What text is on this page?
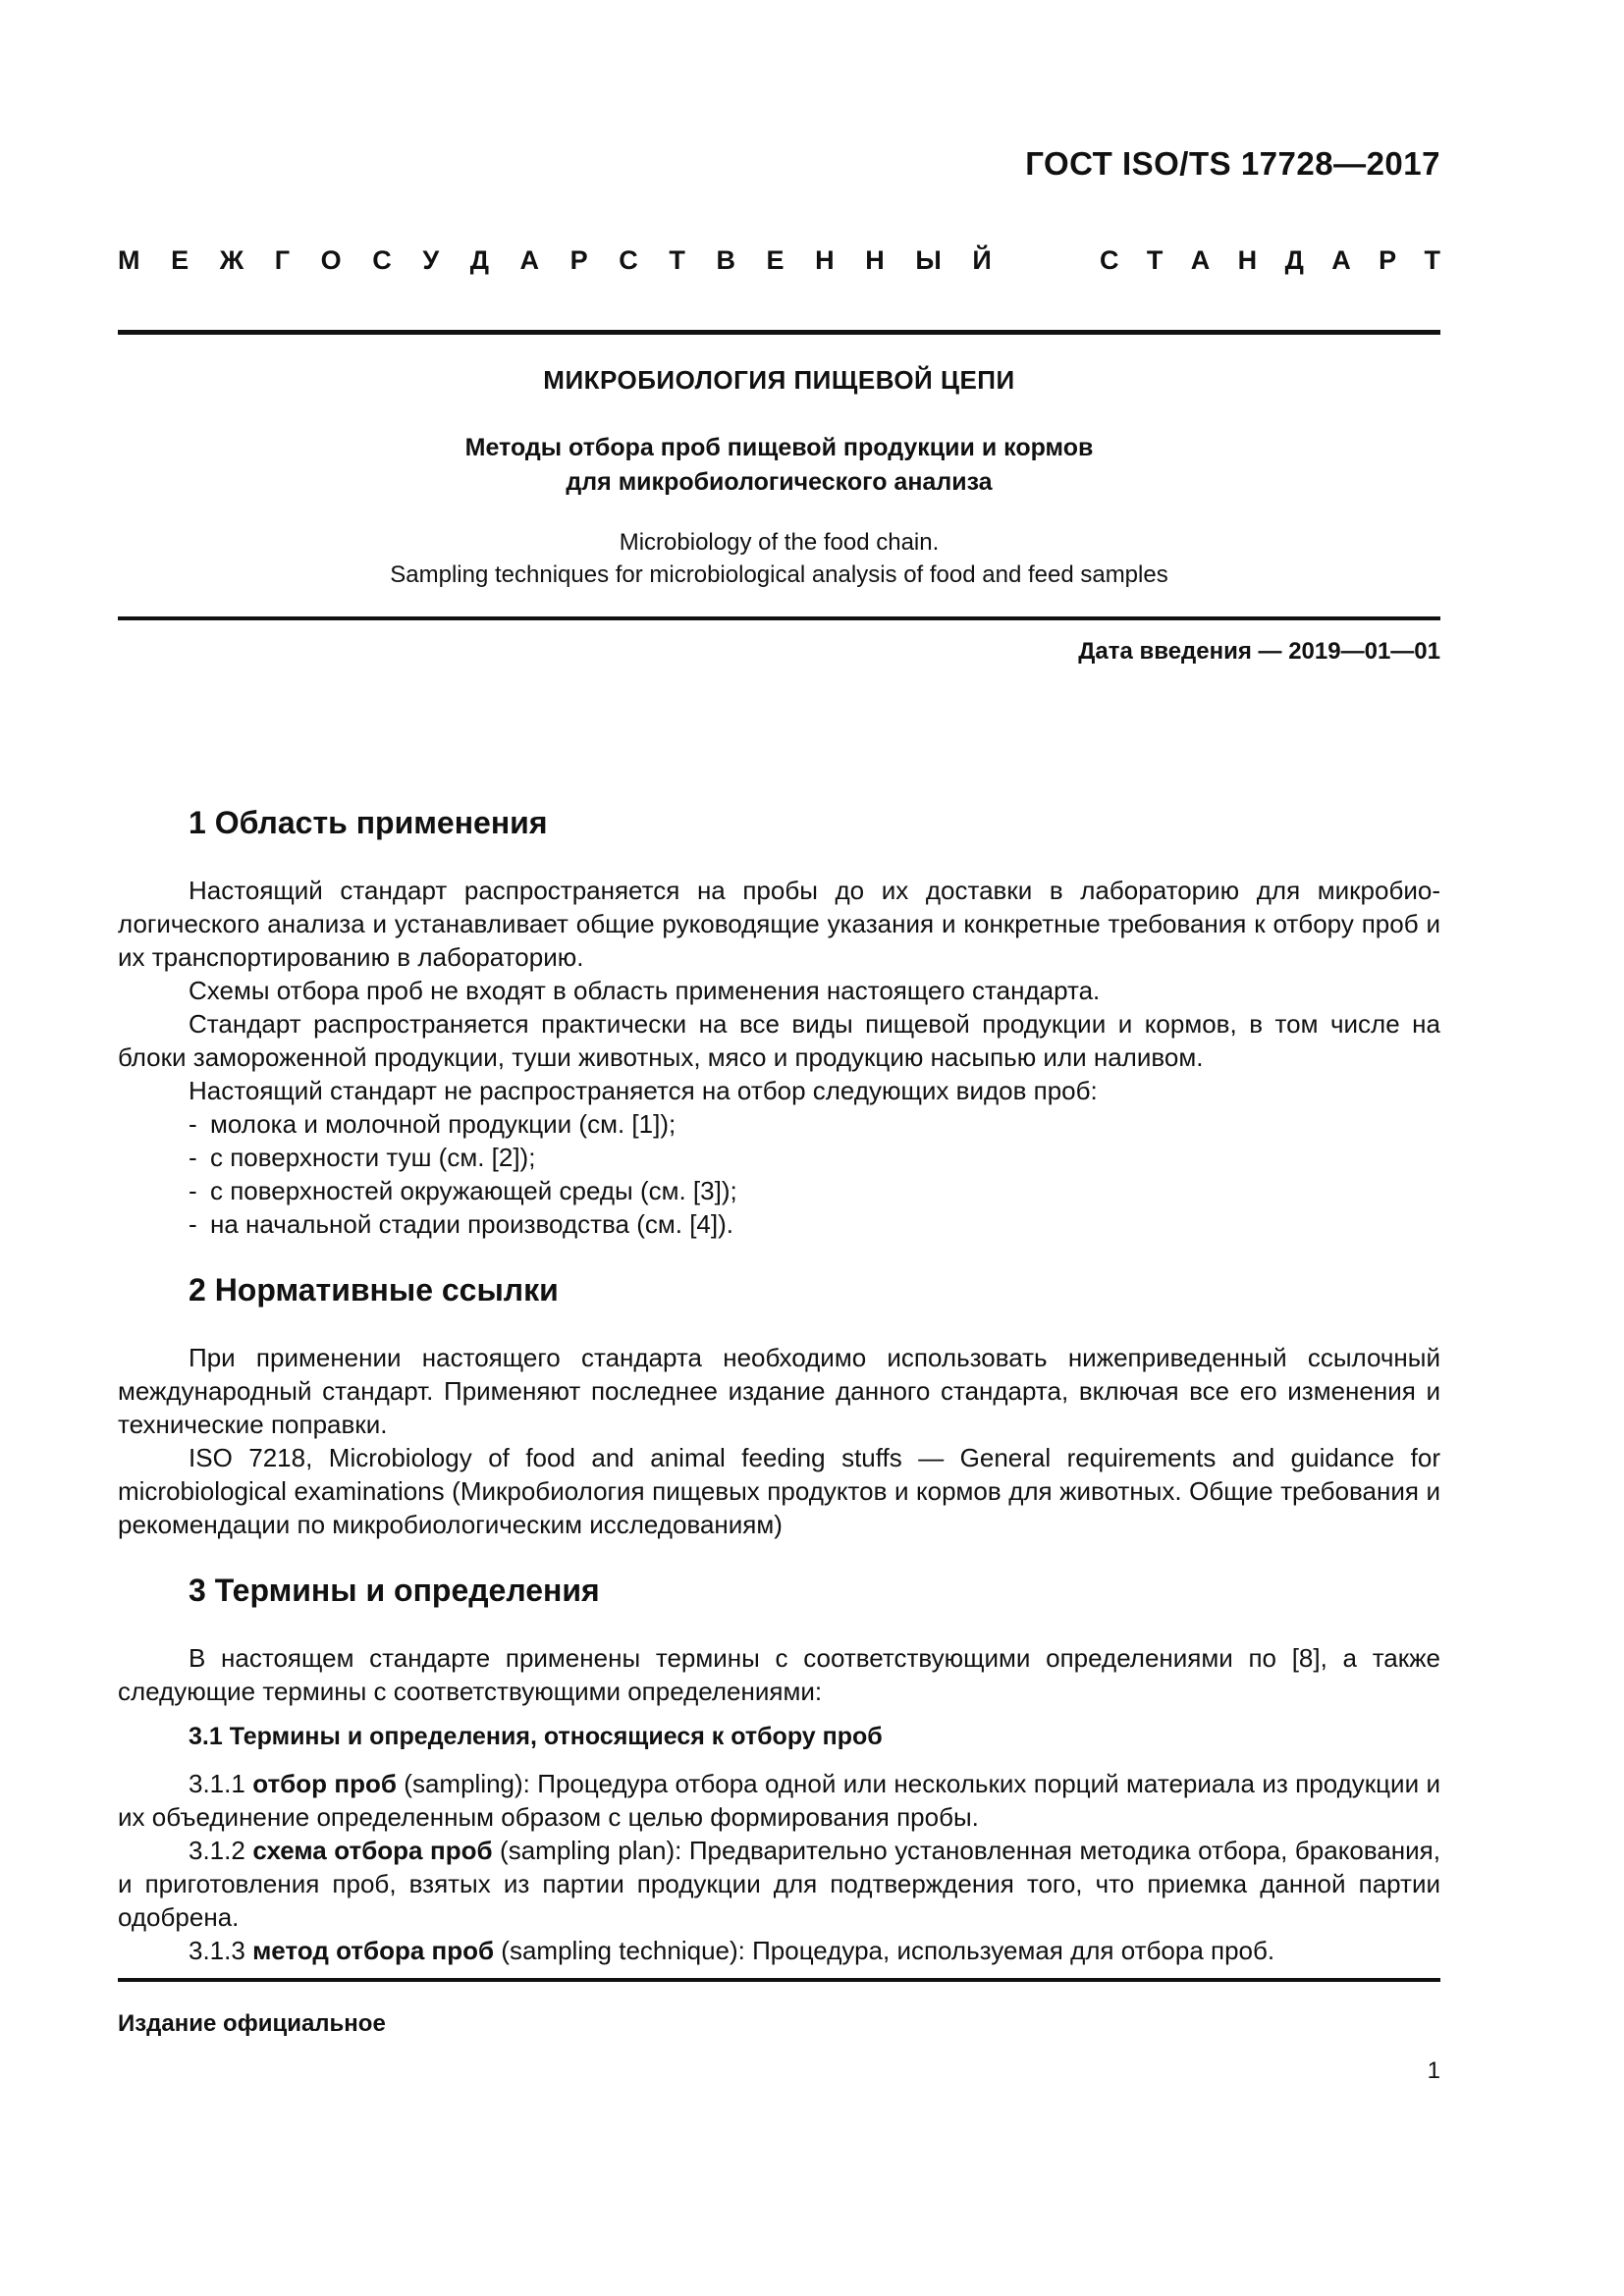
ГОСТ ISO/TS 17728—2017
М Е Ж Г О С У Д А Р С Т В Е Н Н Ы Й	С Т А Н Д А Р Т
МИКРОБИОЛОГИЯ ПИЩЕВОЙ ЦЕПИ
Методы отбора проб пищевой продукции и кормов
для микробиологического анализа
Microbiology of the food chain.
Sampling techniques for microbiological analysis of food and feed samples
Дата введения — 2019—01—01
1 Область применения

Настоящий стандарт распространяется на пробы до их доставки в лабораторию для микробиологического анализа и устанавливает общие руководящие указания и конкретные требования к отбору проб и их транспортированию в лабораторию.

Схемы отбора проб не входят в область применения настоящего стандарта.

Стандарт распространяется практически на все виды пищевой продукции и кормов, в том числе на блоки замороженной продукции, туши животных, мясо и продукцию насыпью или наливом.

Настоящий стандарт не распространяется на отбор следующих видов проб:

- молока и молочной продукции (см. [1]);

- с поверхности туш (см. [2]);

- с поверхностей окружающей среды (см. [3]);

- на начальной стадии производства (см. [4]).

2 Нормативные ссылки

При применении настоящего стандарта необходимо использовать нижеприведенный ссылочный международный стандарт. Применяют последнее издание данного стандарта, включая все его изменения и технические поправки.

ISO 7218, Microbiology of food and animal feeding stuffs — General requirements and guidance for microbiological examinations (Микробиология пищевых продуктов и кормов для животных. Общие требования и рекомендации по микробиологическим исследованиям)

3 Термины и определения

В настоящем стандарте применены термины с соответствующими определениями по [8], а также следующие термины с соответствующими определениями:

3.1 Термины и определения, относящиеся к отбору проб

3.1.1 отбор проб (sampling): Процедура отбора одной или нескольких порций материала из продукции и их объединение определенным образом с целью формирования пробы.

3.1.2 схема отбора проб (sampling plan): Предварительно установленная методика отбора, бракования, и приготовления проб, взятых из партии продукции для подтверждения того, что приемка данной партии одобрена.

3.1.3 метод отбора проб (sampling technique): Процедура, используемая для отбора проб.

Издание официальное
1
